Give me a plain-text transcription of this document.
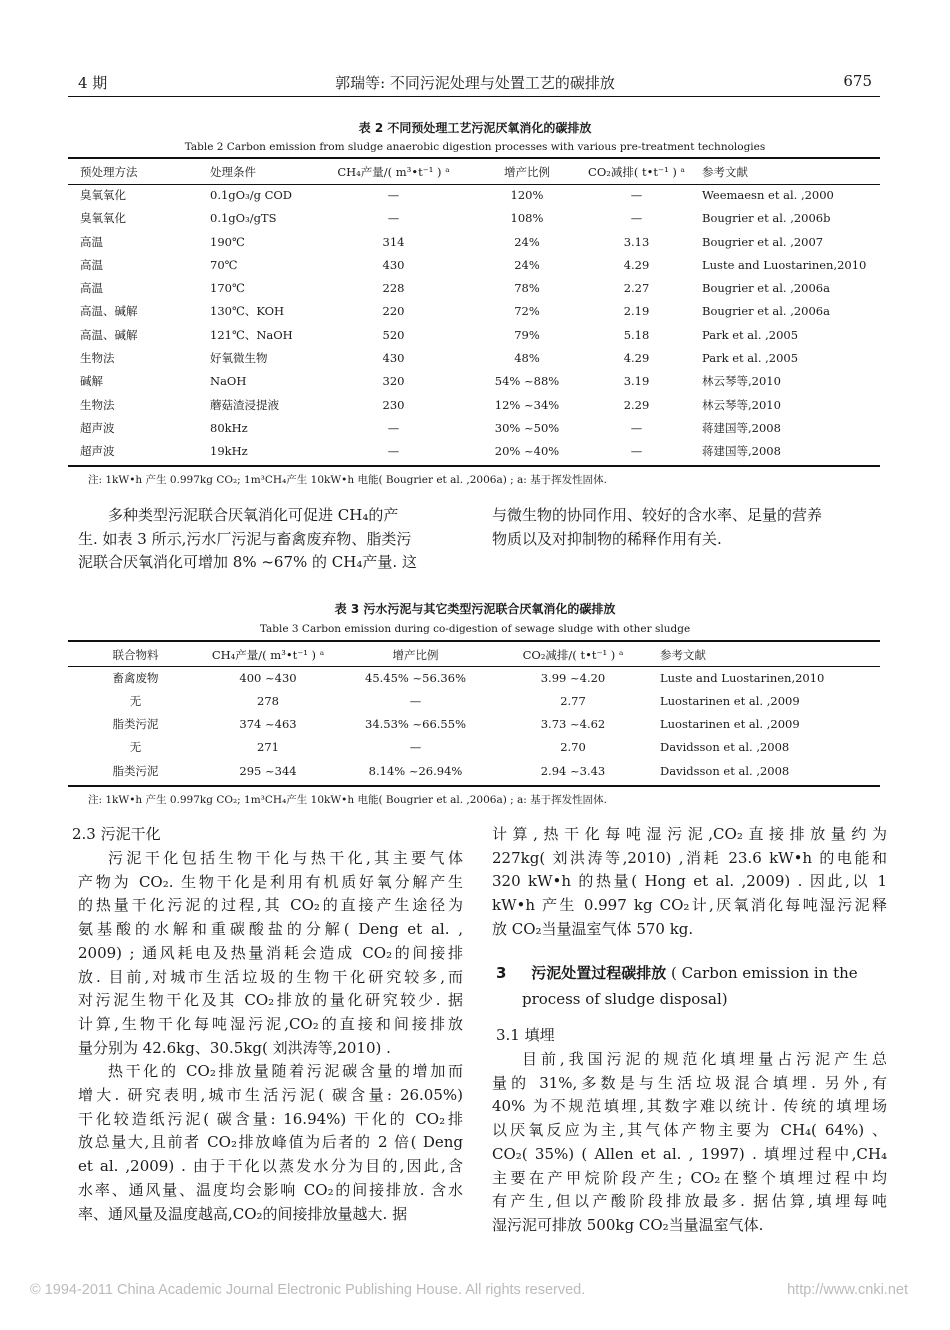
4 期	郭瑞等: 不同污泥处理与处置工艺的碳排放	675
表 2 不同预处理工艺污泥厌氧消化的碳排放
Table 2 Carbon emission from sludge anaerobic digestion processes with various pre-treatment technologies
预处理方法	处理条件	CH₄产量/( m³•t⁻¹ ) ᵃ	增产比例	CO₂减排( t•t⁻¹ ) ᵃ	参考文献
臭氧氧化	0.1gO₃/g COD	—	120%	—	Weemaesn et al. ,2000
臭氧氧化	0.1gO₃/gTS	—	108%	—	Bougrier et al. ,2006b
高温	190℃	314	24%	3.13	Bougrier et al. ,2007
高温	70℃	430	24%	4.29	Luste and Luostarinen,2010
高温	170℃	228	78%	2.27	Bougrier et al. ,2006a
高温、碱解	130℃、KOH	220	72%	2.19	Bougrier et al. ,2006a
高温、碱解	121℃、NaOH	520	79%	5.18	Park et al. ,2005
生物法	好氧微生物	430	48%	4.29	Park et al. ,2005
碱解	NaOH	320	54% ~88%	3.19	林云琴等,2010
生物法	蘑菇渣浸提液	230	12% ~34%	2.29	林云琴等,2010
超声波	80kHz	—	30% ~50%	—	蒋建国等,2008
超声波	19kHz	—	20% ~40%	—	蒋建国等,2008
注: 1kW•h 产生 0.997kg CO₂; 1m³CH₄产生 10kW•h 电能( Bougrier et al. ,2006a) ; a: 基于挥发性固体.
多种类型污泥联合厌氧消化可促进 CH₄的产
生. 如表 3 所示,污水厂污泥与畜禽废弃物、脂类污
泥联合厌氧消化可增加 8% ~67% 的 CH₄产量. 这
与微生物的协同作用、较好的含水率、足量的营养
物质以及对抑制物的稀释作用有关.
表 3 污水污泥与其它类型污泥联合厌氧消化的碳排放
Table 3 Carbon emission during co-digestion of sewage sludge with other sludge
联合物料	CH₄产量/( m³•t⁻¹ ) ᵃ	增产比例	CO₂减排/( t•t⁻¹ ) ᵃ	参考文献
畜禽废物	400 ~430	45.45% ~56.36%	3.99 ~4.20	Luste and Luostarinen,2010
无	278	—	2.77	Luostarinen et al. ,2009
脂类污泥	374 ~463	34.53% ~66.55%	3.73 ~4.62	Luostarinen et al. ,2009
无	271	—	2.70	Davidsson et al. ,2008
脂类污泥	295 ~344	8.14% ~26.94%	2.94 ~3.43	Davidsson et al. ,2008
注: 1kW•h 产生 0.997kg CO₂; 1m³CH₄产生 10kW•h 电能( Bougrier et al. ,2006a) ; a: 基于挥发性固体.
2.3 污泥干化
污泥干化包括生物干化与热干化,其主要气体
产物为 CO₂. 生物干化是利用有机质好氧分解产生
的热量干化污泥的过程,其 CO₂的直接产生途径为
氨基酸的水解和重碳酸盐的分解( Deng et al. ,
2009) ; 通风耗电及热量消耗会造成 CO₂的间接排
放. 目前,对城市生活垃圾的生物干化研究较多,而
对污泥生物干化及其 CO₂排放的量化研究较少. 据
计算,生物干化每吨湿污泥,CO₂的直接和间接排放
量分别为 42.6kg、30.5kg( 刘洪涛等,2010) .
热干化的 CO₂排放量随着污泥碳含量的增加而
增大. 研究表明,城市生活污泥( 碳含量: 26.05%)
干化较造纸污泥( 碳含量: 16.94%) 干化的 CO₂排
放总量大,且前者 CO₂排放峰值为后者的 2 倍( Deng
et al. ,2009) . 由于干化以蒸发水分为目的,因此,含
水率、通风量、温度均会影响 CO₂的间接排放. 含水
率、通风量及温度越高,CO₂的间接排放量越大. 据
计算,热干化每吨湿污泥,CO₂直接排放量约为
227kg( 刘洪涛等,2010) ,消耗 23.6 kW•h 的电能和
320 kW•h 的热量( Hong et al. ,2009) . 因此,以 1
kW•h 产生 0.997 kg CO₂计,厌氧消化每吨湿污泥释
放 CO₂当量温室气体 570 kg.
3 污泥处置过程碳排放 ( Carbon emission in the
process of sludge disposal)
3.1 填埋
目前,我国污泥的规范化填埋量占污泥产生总
量的 31%,多数是与生活垃圾混合填埋. 另外,有
40% 为不规范填埋,其数字难以统计. 传统的填埋场
以厌氧反应为主,其气体产物主要为 CH₄( 64%) 、
CO₂( 35%) ( Allen et al. , 1997) . 填埋过程中,CH₄
主要在产甲烷阶段产生; CO₂在整个填埋过程中均
有产生,但以产酸阶段排放最多. 据估算,填埋每吨
湿污泥可排放 500kg CO₂当量温室气体.
© 1994-2011 China Academic Journal Electronic Publishing House. All rights reserved.	http://www.cnki.net
